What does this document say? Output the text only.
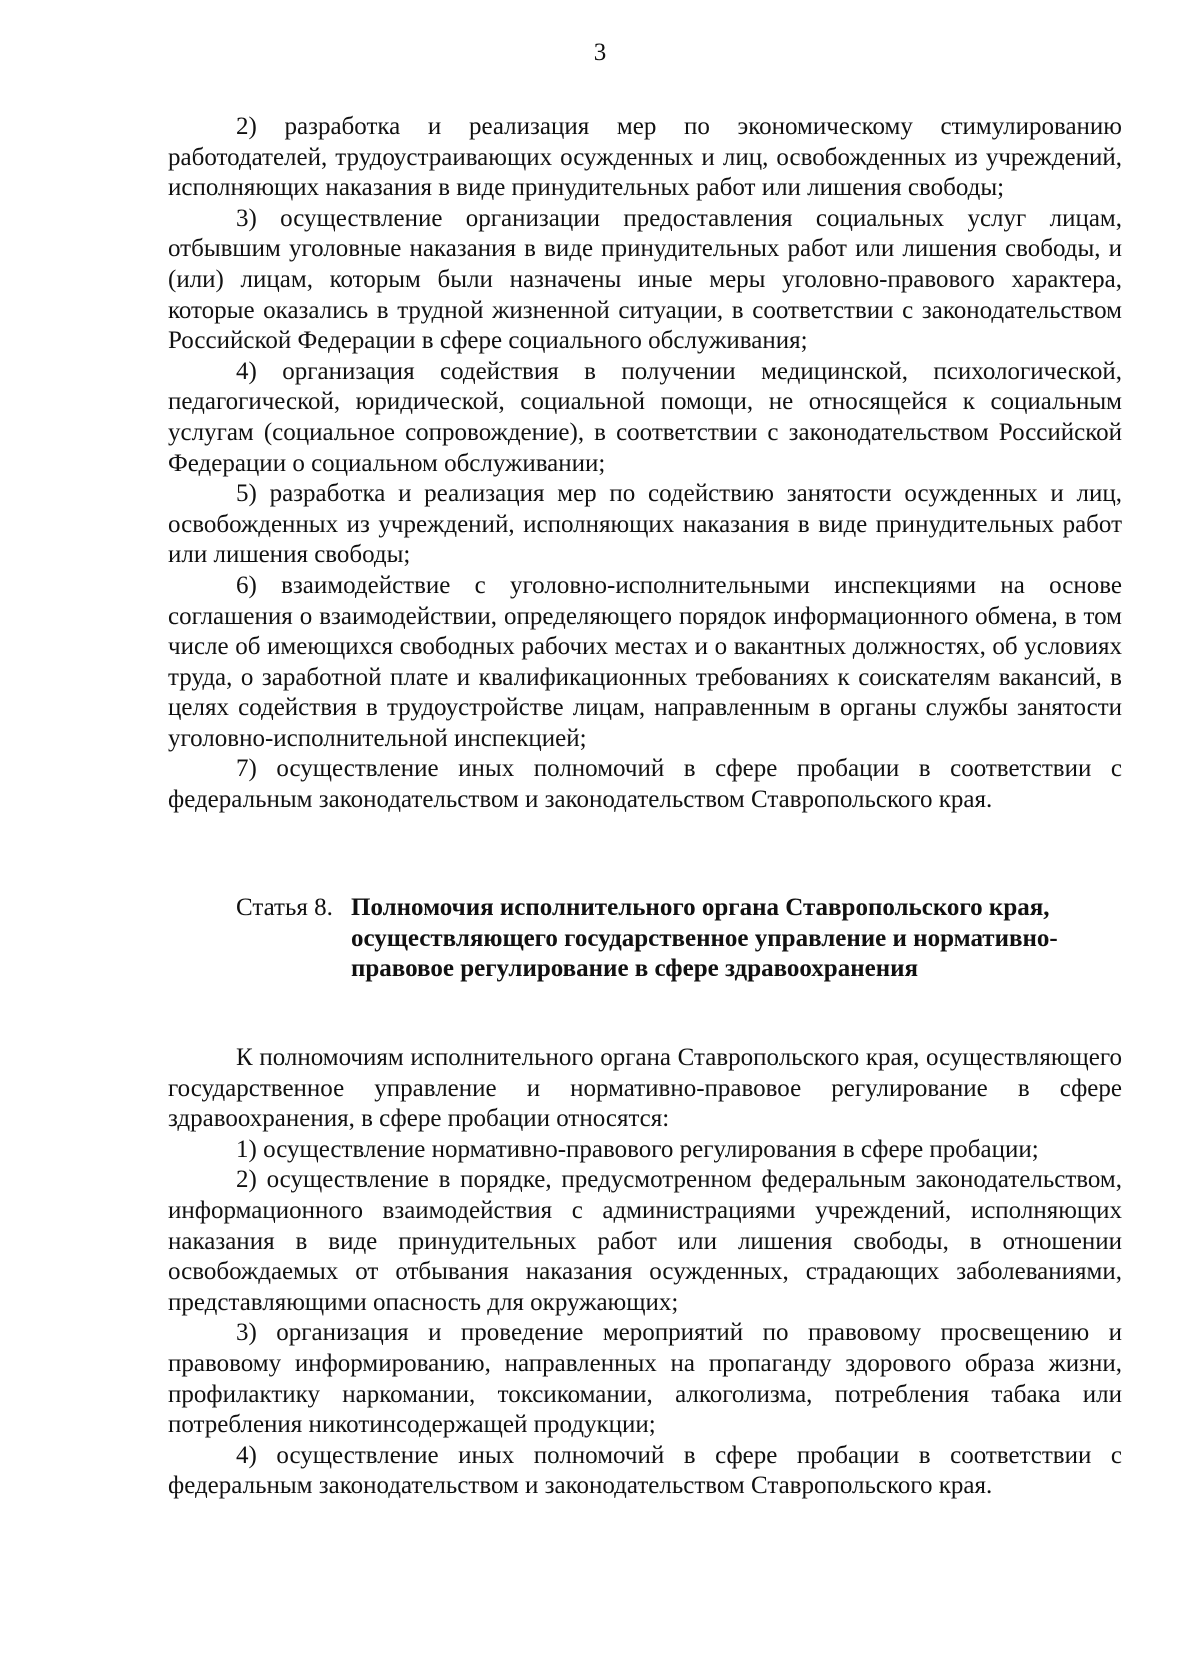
3

2) разработка и реализация мер по экономическому стимулированию работодателей, трудоустраивающих осужденных и лиц, освобожденных из учреждений, исполняющих наказания в виде принудительных работ или лишения свободы;

3) осуществление организации предоставления социальных услуг лицам, отбывшим уголовные наказания в виде принудительных работ или лишения свободы, и (или) лицам, которым были назначены иные меры уголовно-правового характера, которые оказались в трудной жизненной ситуации, в соответствии с законодательством Российской Федерации в сфере социального обслуживания;

4) организация содействия в получении медицинской, психологической, педагогической, юридической, социальной помощи, не относящейся к социальным услугам (социальное сопровождение), в соответствии с законодательством Российской Федерации о социальном обслуживании;

5) разработка и реализация мер по содействию занятости осужденных и лиц, освобожденных из учреждений, исполняющих наказания в виде принудительных работ или лишения свободы;

6) взаимодействие с уголовно-исполнительными инспекциями на основе соглашения о взаимодействии, определяющего порядок информационного обмена, в том числе об имеющихся свободных рабочих местах и о вакантных должностях, об условиях труда, о заработной плате и квалификационных требованиях к соискателям вакансий, в целях содействия в трудоустройстве лицам, направленным в органы службы занятости уголовно-исполнительной инспекцией;

7) осуществление иных полномочий в сфере пробации в соответствии с федеральным законодательством и законодательством Ставропольского края.

Статья 8. Полномочия исполнительного органа Ставропольского края, осуществляющего государственное управление и нормативно-правовое регулирование в сфере здравоохранения

К полномочиям исполнительного органа Ставропольского края, осуществляющего государственное управление и нормативно-правовое регулирование в сфере здравоохранения, в сфере пробации относятся:

1) осуществление нормативно-правового регулирования в сфере пробации;

2) осуществление в порядке, предусмотренном федеральным законодательством, информационного взаимодействия с администрациями учреждений, исполняющих наказания в виде принудительных работ или лишения свободы, в отношении освобождаемых от отбывания наказания осужденных, страдающих заболеваниями, представляющими опасность для окружающих;

3) организация и проведение мероприятий по правовому просвещению и правовому информированию, направленных на пропаганду здорового образа жизни, профилактику наркомании, токсикомании, алкоголизма, потребления табака или потребления никотинсодержащей продукции;

4) осуществление иных полномочий в сфере пробации в соответствии с федеральным законодательством и законодательством Ставропольского края.
